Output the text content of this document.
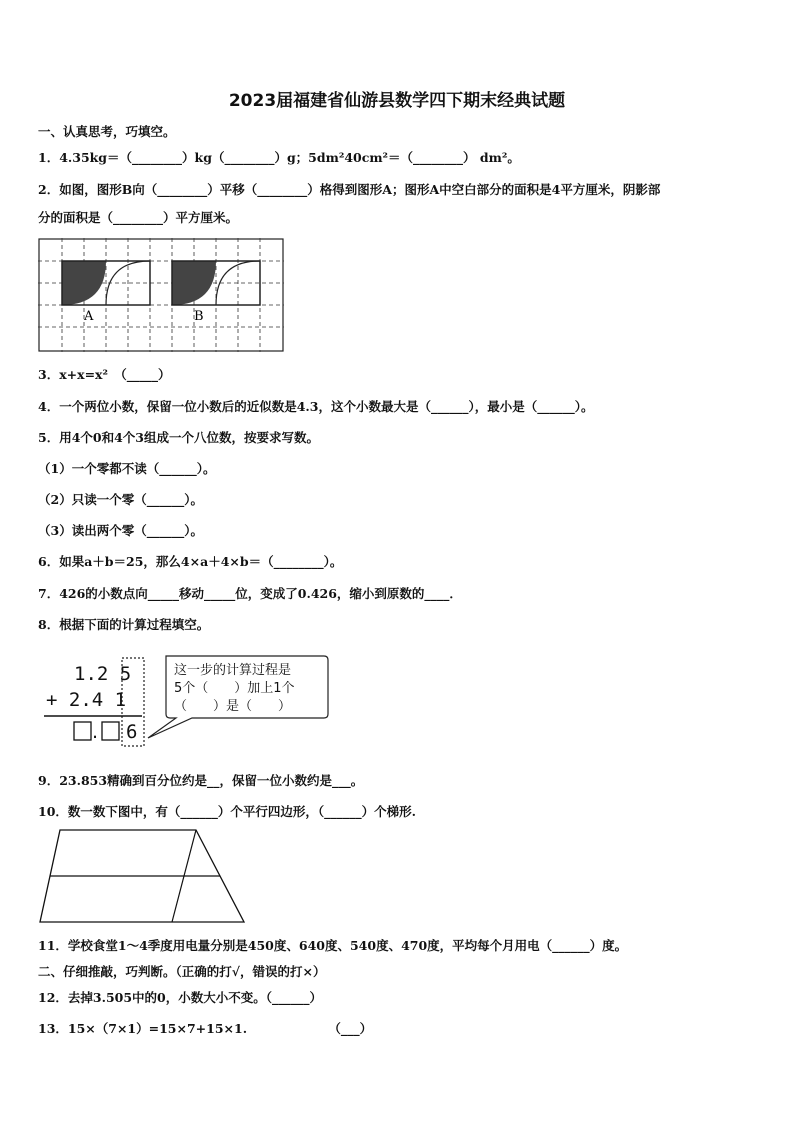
2023届福建省仙游县数学四下期末经典试题
一、认真思考，巧填空。
1．4.35kg＝（________）kg（________）g；5dm²40cm²＝（________） dm²。
2．如图，图形B向（________）平移（________）格得到图形A；图形A中空白部分的面积是4平方厘米，阴影部
分的面积是（________）平方厘米。
A	B
3．x+x=x²　（_____）
4．一个两位小数，保留一位小数后的近似数是4.3，这个小数最大是（______），最小是（______）。
5．用4个0和4个3组成一个八位数，按要求写数。
（1）一个零都不读（______）。
（2）只读一个零（______）。
（3）读出两个零（______）。
6．如果a＋b＝25，那么4×a＋4×b＝（________）。
7．426的小数点向_____移动_____位，变成了0.426，缩小到原数的____．
8．根据下面的计算过程填空。
1.2 5
+ 2.4 1
6
.
这一步的计算过程是
5个（　　）加上1个
（　　）是（　　）
9．23.853精确到百分位约是__，保留一位小数约是___。
10．数一数下图中，有（______）个平行四边形，（______）个梯形.
11．学校食堂1～4季度用电量分别是450度、640度、540度、470度，平均每个月用电（______）度。
二、仔细推敲，巧判断。（正确的打√，错误的打×）
12．去掉3.505中的0，小数大小不变。（______）
13．15×（7×1）=15×7+15×1.　　　　　　　（___）
